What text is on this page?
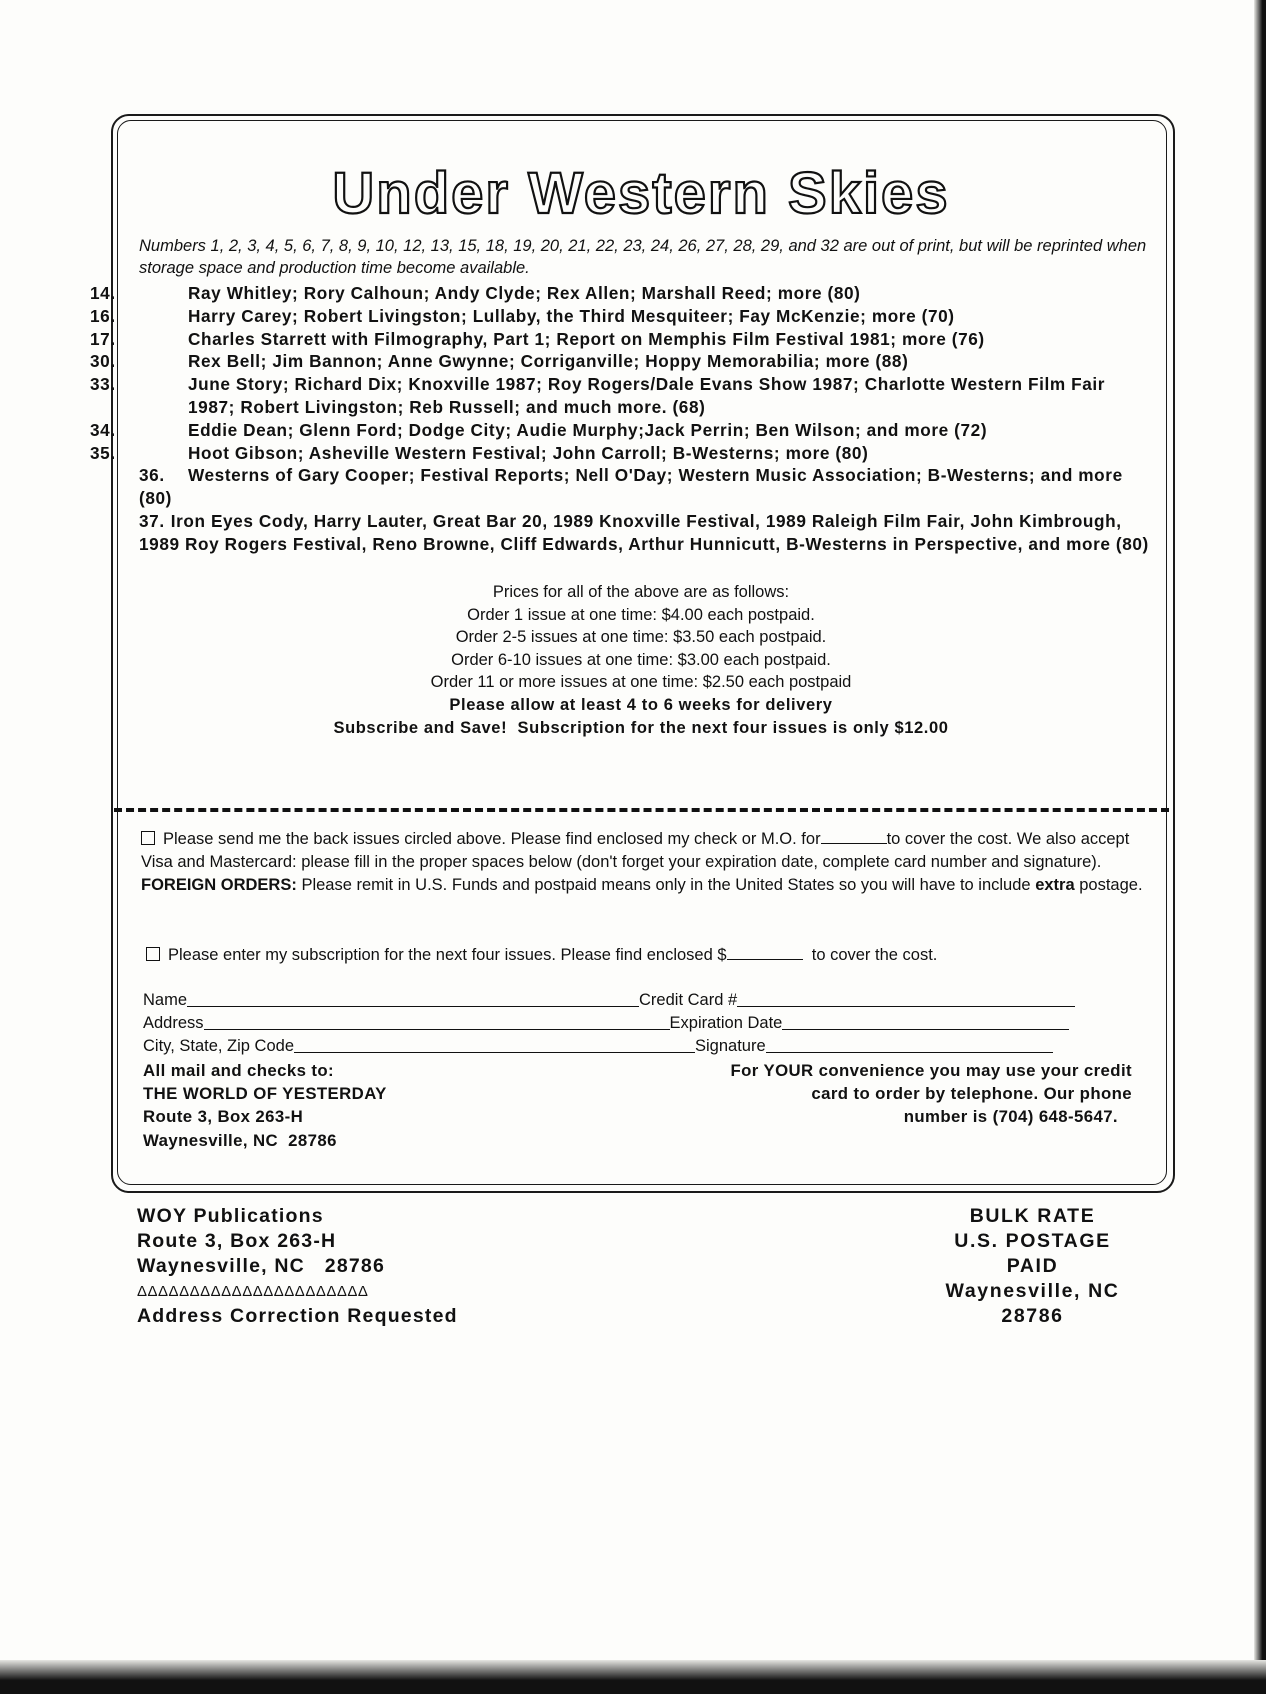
Under Western Skies
Numbers 1, 2, 3, 4, 5, 6, 7, 8, 9, 10, 12, 13, 15, 18, 19, 20, 21, 22, 23, 24, 26, 27, 28, 29, and 32 are out of print, but will be reprinted when storage space and production time become available.

14.	Ray Whitley; Rory Calhoun; Andy Clyde; Rex Allen; Marshall Reed; more (80)

16.	Harry Carey; Robert Livingston; Lullaby, the Third Mesquiteer; Fay McKenzie; more (70)

17.	Charles Starrett with Filmography, Part 1; Report on Memphis Film Festival 1981; more (76)

30.	Rex Bell; Jim Bannon; Anne Gwynne; Corriganville; Hoppy Memorabilia; more (88)

33.	June Story; Richard Dix; Knoxville 1987; Roy Rogers/Dale Evans Show 1987; Charlotte Western Film Fair 1987; Robert Livingston; Reb Russell; and much more. (68)

34.	Eddie Dean; Glenn Ford; Dodge City; Audie Murphy;Jack Perrin; Ben Wilson; and more (72)

35.	Hoot Gibson; Asheville Western Festival; John Carroll; B-Westerns; more (80)

36. Westerns of Gary Cooper; Festival Reports; Nell O'Day; Western Music Association; B-Westerns; and more (80)

37. Iron Eyes Cody, Harry Lauter, Great Bar 20, 1989 Knoxville Festival, 1989 Raleigh Film Fair, John Kimbrough, 1989 Roy Rogers Festival, Reno Browne, Cliff Edwards, Arthur Hunnicutt, B-Westerns in Perspective, and more (80)

Prices for all of the above are as follows:
Order 1 issue at one time: $4.00 each postpaid.
Order 2-5 issues at one time: $3.50 each postpaid.
Order 6-10 issues at one time: $3.00 each postpaid.
Order 11 or more issues at one time: $2.50 each postpaid
Please allow at least 4 to 6 weeks for delivery
Subscribe and Save!  Subscription for the next four issues is only $12.00
Please send me the back issues circled above. Please find enclosed my check or M.O. for	to cover the cost. We also accept Visa and Mastercard: please fill in the proper spaces below (don't forget your expiration date, complete card number and signature). FOREIGN ORDERS: Please remit in U.S. Funds and postpaid means only in the United States so you will have to include extra postage.
Please enter my subscription for the next four issues. Please find enclosed $	to cover the cost.
Name	Credit Card #
Address	Expiration Date
City, State, Zip Code	Signature
All mail and checks to:
THE WORLD OF YESTERDAY
Route 3, Box 263-H
Waynesville, NC  28786
For YOUR convenience you may use your credit
card to order by telephone. Our phone
number is (704) 648-5647.
WOY Publications
Route 3, Box 263-H
Waynesville, NC   28786
ΔΔΔΔΔΔΔΔΔΔΔΔΔΔΔΔΔΔΔΔΔΔ
Address Correction Requested
BULK RATE
U.S. POSTAGE
PAID
Waynesville, NC
28786
